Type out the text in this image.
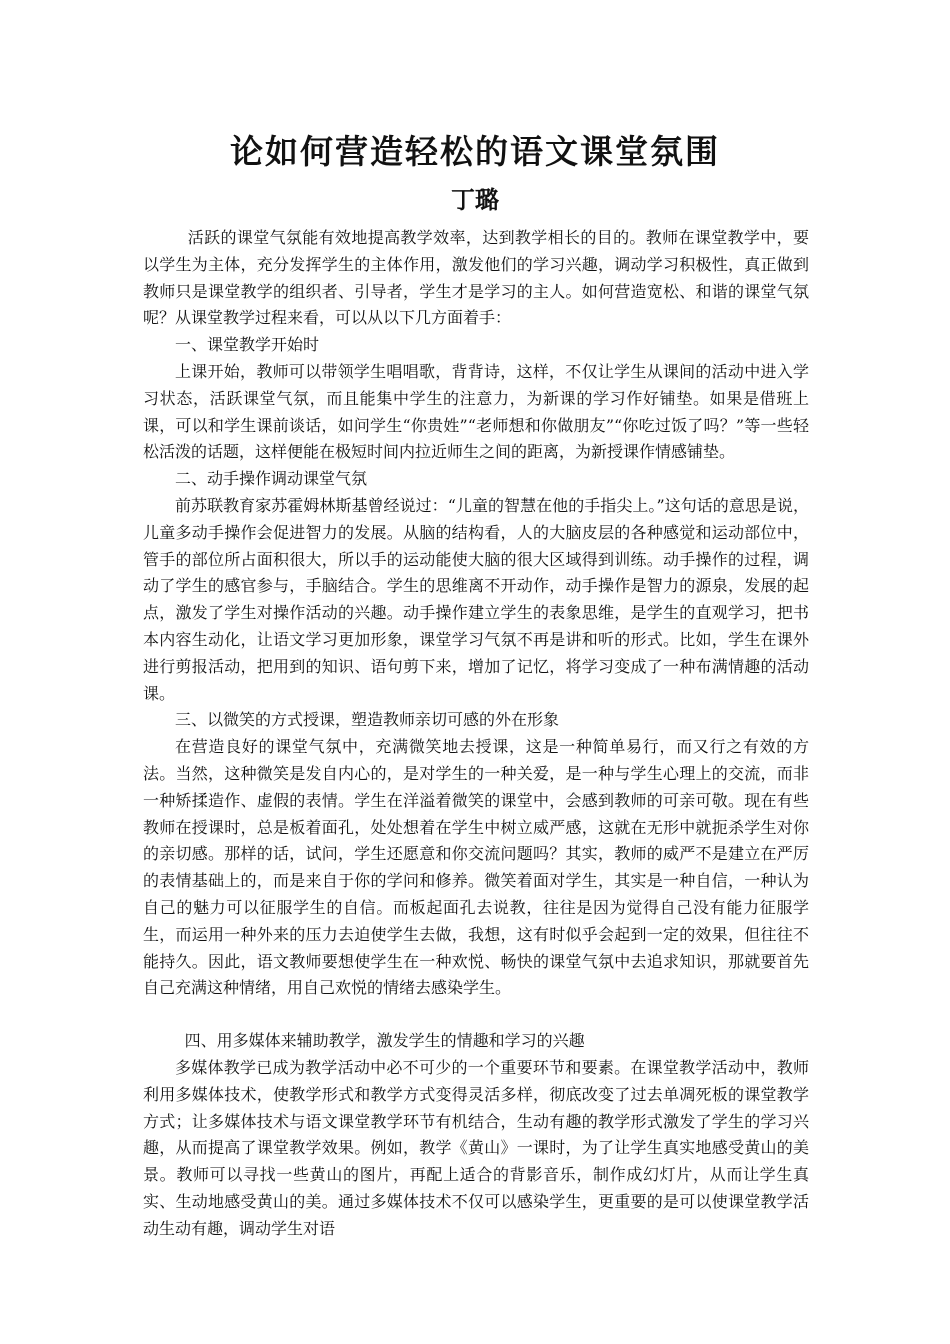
论如何营造轻松的语文课堂氛围
丁璐

活跃的课堂气氛能有效地提高教学效率，达到教学相长的目的。教师在课堂教学中，要以学生为主体，充分发挥学生的主体作用，激发他们的学习兴趣，调动学习积极性，真正做到教师只是课堂教学的组织者、引导者，学生才是学习的主人。如何营造宽松、和谐的课堂气氛呢？从课堂教学过程来看，可以从以下几方面着手：

一、课堂教学开始时

上课开始，教师可以带领学生唱唱歌，背背诗，这样，不仅让学生从课间的活动中进入学习状态，活跃课堂气氛，而且能集中学生的注意力，为新课的学习作好铺垫。如果是借班上课，可以和学生课前谈话，如问学生“你贵姓”“老师想和你做朋友”“你吃过饭了吗？”等一些轻松活泼的话题，这样便能在极短时间内拉近师生之间的距离，为新授课作情感铺垫。

二、动手操作调动课堂气氛

前苏联教育家苏霍姆林斯基曾经说过：“儿童的智慧在他的手指尖上。”这句话的意思是说，儿童多动手操作会促进智力的发展。从脑的结构看，人的大脑皮层的各种感觉和运动部位中，管手的部位所占面积很大，所以手的运动能使大脑的很大区域得到训练。动手操作的过程，调动了学生的感官参与，手脑结合。学生的思维离不开动作，动手操作是智力的源泉，发展的起点，激发了学生对操作活动的兴趣。动手操作建立学生的表象思维，是学生的直观学习，把书本内容生动化，让语文学习更加形象，课堂学习气氛不再是讲和听的形式。比如，学生在课外进行剪报活动，把用到的知识、语句剪下来，增加了记忆，将学习变成了一种布满情趣的活动课。

三、以微笑的方式授课，塑造教师亲切可感的外在形象

在营造良好的课堂气氛中，充满微笑地去授课，这是一种简单易行，而又行之有效的方法。当然，这种微笑是发自内心的，是对学生的一种关爱，是一种与学生心理上的交流，而非一种矫揉造作、虚假的表情。学生在洋溢着微笑的课堂中，会感到教师的可亲可敬。现在有些教师在授课时，总是板着面孔，处处想着在学生中树立威严感，这就在无形中就扼杀学生对你的亲切感。那样的话，试问，学生还愿意和你交流问题吗？其实，教师的威严不是建立在严厉的表情基础上的，而是来自于你的学问和修养。微笑着面对学生，其实是一种自信，一种认为自己的魅力可以征服学生的自信。而板起面孔去说教，往往是因为觉得自己没有能力征服学生，而运用一种外来的压力去迫使学生去做，我想，这有时似乎会起到一定的效果，但往往不能持久。因此，语文教师要想使学生在一种欢悦、畅快的课堂气氛中去追求知识，那就要首先自己充满这种情绪，用自己欢悦的情绪去感染学生。

四、用多媒体来辅助教学，激发学生的情趣和学习的兴趣

多媒体教学已成为教学活动中必不可少的一个重要环节和要素。在课堂教学活动中，教师利用多媒体技术，使教学形式和教学方式变得灵活多样，彻底改变了过去单凋死板的课堂教学方式；让多媒体技术与语文课堂教学环节有机结合，生动有趣的教学形式激发了学生的学习兴趣，从而提高了课堂教学效果。例如，教学《黄山》一课时，为了让学生真实地感受黄山的美景。教师可以寻找一些黄山的图片，再配上适合的背影音乐，制作成幻灯片，从而让学生真实、生动地感受黄山的美。通过多媒体技术不仅可以感染学生，更重要的是可以使课堂教学活动生动有趣，调动学生对语
